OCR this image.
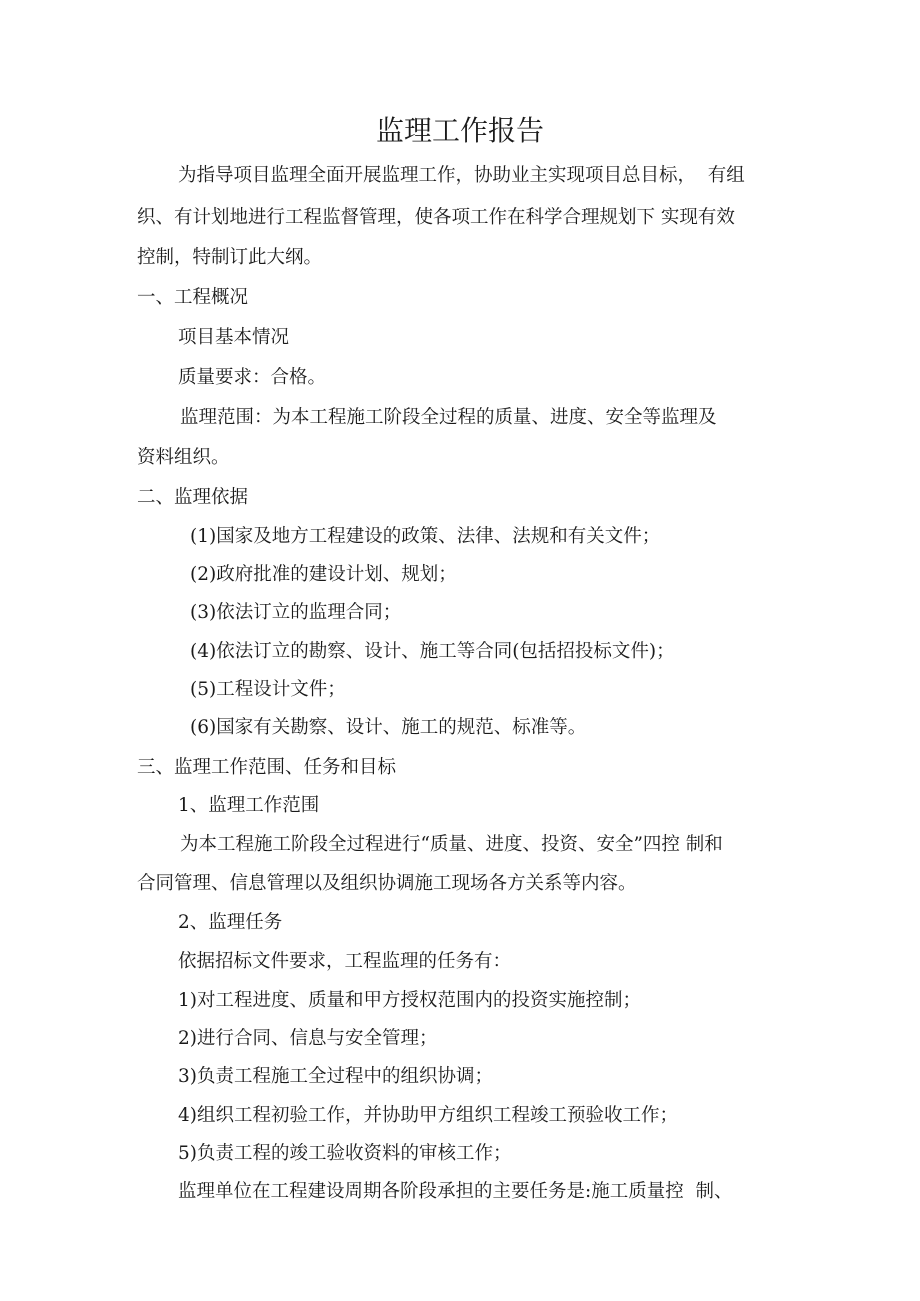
监理工作报告
为指导项目监理全面开展监理工作，协助业主实现项目总目标，  有组
织、有计划地进行工程监督管理，使各项工作在科学合理规划下 实现有效
控制，特制订此大纲。
一、工程概况
项目基本情况
质量要求：合格。
监理范围：为本工程施工阶段全过程的质量、进度、安全等监理及
资料组织。
二、监理依据
(1)国家及地方工程建设的政策、法律、法规和有关文件；
(2)政府批准的建设计划、规划；
(3)依法订立的监理合同；
(4)依法订立的勘察、设计、施工等合同(包括招投标文件)；
(5)工程设计文件；
(6)国家有关勘察、设计、施工的规范、标准等。
三、监理工作范围、任务和目标
1、监理工作范围
为本工程施工阶段全过程进行“质量、进度、投资、安全”四控 制和
合同管理、信息管理以及组织协调施工现场各方关系等内容。
2、监理任务
依据招标文件要求，工程监理的任务有：
1)对工程进度、质量和甲方授权范围内的投资实施控制；
2)进行合同、信息与安全管理；
3)负责工程施工全过程中的组织协调；
4)组织工程初验工作，并协助甲方组织工程竣工预验收工作；
5)负责工程的竣工验收资料的审核工作；
监理单位在工程建设周期各阶段承担的主要任务是:施工质量控  制、
